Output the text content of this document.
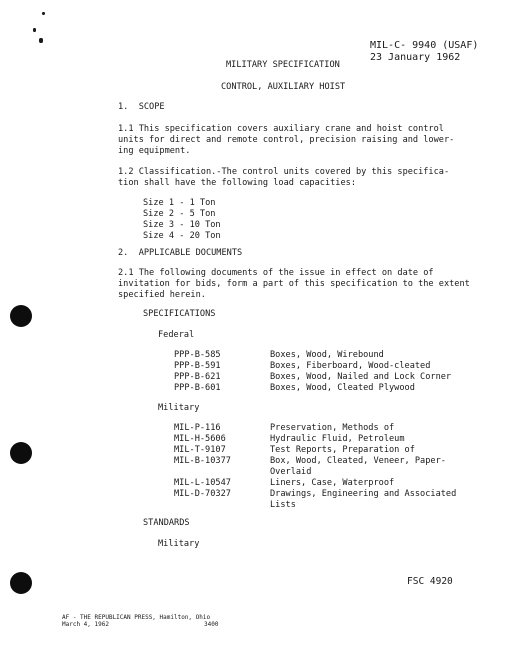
MIL-C- 9940 (USAF)
23 January 1962
MILITARY SPECIFICATION
CONTROL, AUXILIARY HOIST
1.  SCOPE
1.1 This specification covers auxiliary crane and hoist control
units for direct and remote control, precision raising and lower-
ing equipment.
1.2 Classification.-The control units covered by this specifica-
tion shall have the following load capacities:
Size 1 - 1 Ton
Size 2 - 5 Ton
Size 3 - 10 Ton
Size 4 - 20 Ton
2.  APPLICABLE DOCUMENTS
2.1 The following documents of the issue in effect on date of
invitation for bids, form a part of this specification to the extent
specified herein.
SPECIFICATIONS
Federal
PPP-B-585	Boxes, Wood, Wirebound
PPP-B-591	Boxes, Fiberboard, Wood-cleated
PPP-B-621	Boxes, Wood, Nailed and Lock Corner
PPP-B-601	Boxes, Wood, Cleated Plywood
Military
MIL-P-116	Preservation, Methods of
MIL-H-5606	Hydraulic Fluid, Petroleum
MIL-T-9107	Test Reports, Preparation of
MIL-B-10377	Box, Wood, Cleated, Veneer, Paper-
Overlaid
MIL-L-10547	Liners, Case, Waterproof
MIL-D-70327	Drawings, Engineering and Associated
Lists
STANDARDS
Military
FSC 4920
AF - THE REPUBLICAN PRESS, Hamilton, Ohio
March 4, 1962	3400
